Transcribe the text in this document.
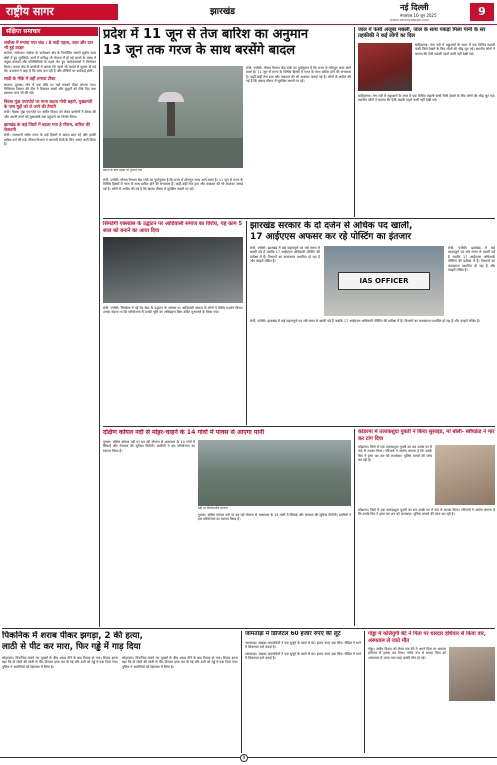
राष्ट्रीय सागर	झारखंड	नई दिल्ली
मंगलवार 10 जून 2025
www.rashtriyasagar.com
9
संक्षिप्त समाचार
सर्वोच्च में मनाया गया चंदा : 8 सदी पहला, बाल और दान भी हुई उदहर
सादेया, राजेश्वर। सादेया के कनेक्शन क्षेत्र के नियोजित मामले सुप्रीम सदर क्षेत्रों में हुए मुरलियों। वार्ता में प्रसिद्ध थी योजना में हो गई बताने के संबंध में प्रमुख कारकों और परिस्थितियों के पहले नोट हुए कार्यकर्ताओं ने नियोजन किया। जनता क्षेत्र के ग्रामीणों ने बताया कि पहले भी मामले में सूचना दी गई थी। प्रशासन ने कहा है कि जांच चल रही है और दोषियों पर कार्रवाई होगी।
सादी के मौके में वहीं लगाया टीका
सादया, दुमका। गाँव में एक मौके पर वहाँ सबको टीका लगाया गया। चिकित्सा विभाग की टीम ने मिलकर बच्चों और बुजुर्गों को टीके दिए तथा स्वास्थ्य जांच भी की गई।
बिरसा मुंडा एयरपोर्ट पर माना बदला गोपी बहाने, मुख्यमंत्री के पास मुद्दों को ले जाने की तैयारी
रांची। बिरसा मुंडा एयरपोर्ट पर जमीन विवाद को लेकर ग्रामीणों ने बैठक की और अपनी मांगों को मुख्यमंत्री तक पहुंचाने का निर्णय लिया।
झारखंड के कई जिलों में बदला गया है मौसम, बारिश की चेतावनी
रांची। राजधानी समेत राज्य के कई हिस्सों में बादल छाए रहे और हल्की बारिश दर्ज की गई। मौसम विभाग ने आगामी दिनों के लिए अलर्ट जारी किया है।
प्रदेश में 11 जून से तेज बारिश का अनुमान
13 जून तक गरज के साथ बरसेंगे बादल
बारिश के बीच सड़क पर गुजरते लोग
रांची, एजेंसी। मौसम विभाग केंद्र रांची का पूर्वानुमान है कि राज्य में मॉनसून जल्द आने वाला है। 11 जून से राज्य के विभिन्न हिस्सों में गरज के साथ बारिश होने की संभावना है। कहीं-कहीं तेज हवा और वज्रपात की भी आशंका जताई गई है। लोगों से अपील की गई है कि खराब मौसम में सुरक्षित स्थानों पर रहें।
रांची, एजेंसी। मौसम विभाग केंद्र रांची का पूर्वानुमान है कि राज्य में मॉनसून जल्द आने वाला है। 11 जून से राज्य के विभिन्न हिस्सों में गरज के साथ बारिश होने की संभावना है। कहीं-कहीं तेज हवा और वज्रपात की भी आशंका जताई गई है। लोगों से अपील की गई है कि खराब मौसम में सुरक्षित स्थानों पर रहें।
जाल में फंसी अजूबा मछली, जाल के साथ पकड़ा मिला पानी के सर तहकीकी ने कई लोगों का दिल
साहिबगंज। गंगा नदी में मछुआरों के जाल में एक विचित्र मछली फंसी जिसे देखने के लिए लोगों की भीड़ जुट गई। स्थानीय लोगों ने बताया कि ऐसी मछली पहले कभी नहीं देखी गई।
साहिबगंज। गंगा नदी में मछुआरों के जाल में एक विचित्र मछली फंसी जिसे देखने के लिए लोगों की भीड़ जुट गई। स्थानीय लोगों ने बताया कि ऐसी मछली पहले कभी नहीं देखी गई।
सिमडेगी एक्सप्रेस के उद्घाटन पर आदिवासी समाज का विरोध, यह काम 5 साल को बनाने का आया दिया
रांची, एजेंसी। सिमडेगा में नई रेल सेवा के उद्घाटन के अवसर पर आदिवासी समाज के लोगों ने विरोध प्रदर्शन किया। उनका कहना था कि परियोजना में उनकी भूमि का अधिग्रहण बिना उचित मुआवजे के किया गया।
झारखंड सरकार के दो दर्जन से अधिक पद खाली,
17 आईएएस अफसर कर रहे पोस्टिंग का इंतजार
रांची, एजेंसी। झारखंड में कई महत्वपूर्ण पद लंबे समय से खाली पड़े हैं जबकि 17 आईएएस अधिकारी पोस्टिंग की प्रतीक्षा में हैं। विभागों का कामकाज प्रभावित हो रहा है और फाइलें लंबित हैं।
IAS OFFICER
रांची, एजेंसी। झारखंड में कई महत्वपूर्ण पद लंबे समय से खाली पड़े हैं जबकि 17 आईएएस अधिकारी पोस्टिंग की प्रतीक्षा में हैं। विभागों का कामकाज प्रभावित हो रहा है और फाइलें लंबित हैं।
रांची, एजेंसी। झारखंड में कई महत्वपूर्ण पद लंबे समय से खाली पड़े हैं जबकि 17 आईएएस अधिकारी पोस्टिंग की प्रतीक्षा में हैं। विभागों का कामकाज प्रभावित हो रहा है और फाइलें लंबित हैं।
दक्षिण कोयल नदी से मांइ़र-चाहने के 14 गांवों में पावस से आएगा पानी
गुमला। दक्षिण कोयल नदी पर बन रही योजना से आसपास के 14 गांवों में सिंचाई और पेयजल की सुविधा मिलेगी। ग्रामीणों ने इस परियोजना का स्वागत किया है।
नदी पर निर्माणाधीन संरचना
गुमला। दक्षिण कोयल नदी पर बन रही योजना से आसपास के 14 गांवों में सिंचाई और पेयजल की सुविधा मिलेगी। ग्रामीणों ने इस परियोजना का स्वागत किया है।
कोडरमा में तलाकशुदा युवती ने किया सुसाइड, मां बोली- ब्वॉयफ्रेंड ने मार कर टांग दिया
कोडरमा। जिले में एक तलाकशुदा युवती का शव उसके घर में फंदे से लटका मिला। परिजनों ने आरोप लगाया है कि उसके मित्र ने हत्या कर शव को लटकाया। पुलिस मामले की जांच कर रही है।
कोडरमा। जिले में एक तलाकशुदा युवती का शव उसके घर में फंदे से लटका मिला। परिजनों ने आरोप लगाया है कि उसके मित्र ने हत्या कर शव को लटकाया। पुलिस मामले की जांच कर रही है।
पिकनिक में शराब पीकर झगड़ा, 2 की हत्या,
लाठी से पीट कर मारा, फिर गड्ढे में गाड़ दिया
लोहरदगा। पिकनिक मनाने गए युवकों के बीच शराब पीने के बाद विवाद हो गया। विवाद इतना बढ़ा कि दो लोगों की लाठी से पीट-पीटकर हत्या कर दी गई और शवों को गड्ढे में दबा दिया गया। पुलिस ने आरोपियों को हिरासत में लिया है।
लोहरदगा। पिकनिक मनाने गए युवकों के बीच शराब पीने के बाद विवाद हो गया। विवाद इतना बढ़ा कि दो लोगों की लाठी से पीट-पीटकर हत्या कर दी गई और शवों को गड्ढे में दबा दिया गया। पुलिस ने आरोपियों को हिरासत में लिया है।
जामताड़ा में डिजिटल 60 हजार रुपए की लूट
जामताड़ा। साइबर अपराधियों ने एक बुजुर्ग के खाते से 60 हजार रुपए उड़ा लिए। पीड़ित ने थाने में शिकायत दर्ज कराई है।
जामताड़ा। साइबर अपराधियों ने एक बुजुर्ग के खाते से 60 हजार रुपए उड़ा लिए। पीड़ित ने थाने में शिकायत दर्ज कराई है।
गोड्डा में कलियुगी बेटे ने पिता पर धारदार हथियार से किया वार, अस्पताल ले जाते मौत
गोड्डा। जमीन विवाद को लेकर एक बेटे ने अपने पिता पर धारदार हथियार से हमला कर दिया। गंभीर रूप से घायल पिता को अस्पताल ले जाया गया जहां उनकी मौत हो गई।
9
